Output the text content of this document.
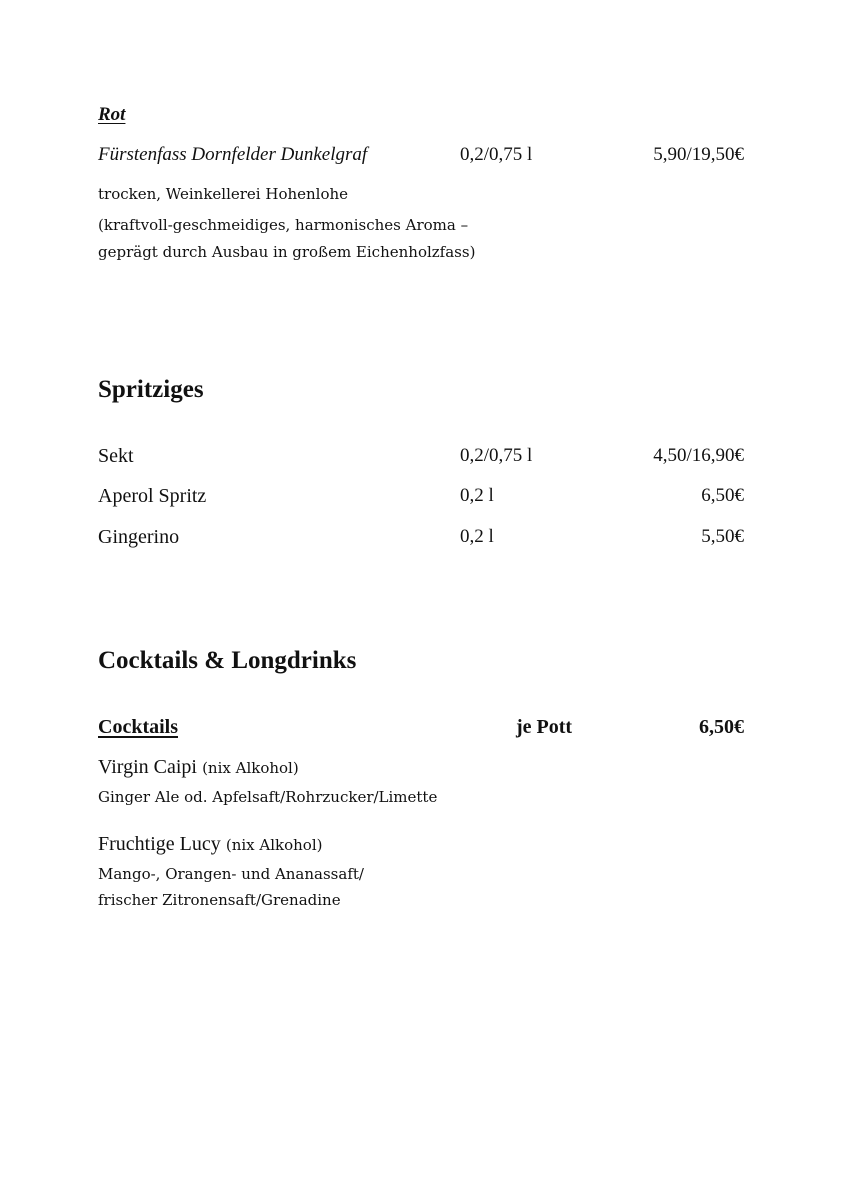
Rot
Fürstenfass Dornfelder Dunkelgraf	0,2/0,75 l	5,90/19,50€
trocken, Weinkellerei Hohenlohe
(kraftvoll-geschmeidiges, harmonisches Aroma – geprägt durch Ausbau in großem Eichenholzfass)
Spritziges
Sekt	0,2/0,75 l	4,50/16,90€
Aperol Spritz	0,2 l	6,50€
Gingerino	0,2 l	5,50€
Cocktails & Longdrinks
Cocktails	je Pott	6,50€
Virgin Caipi (nix Alkohol)
Ginger Ale od. Apfelsaft/Rohrzucker/Limette
Fruchtige Lucy (nix Alkohol)
Mango-, Orangen- und Ananassaft/
frischer Zitronensaft/Grenadine
